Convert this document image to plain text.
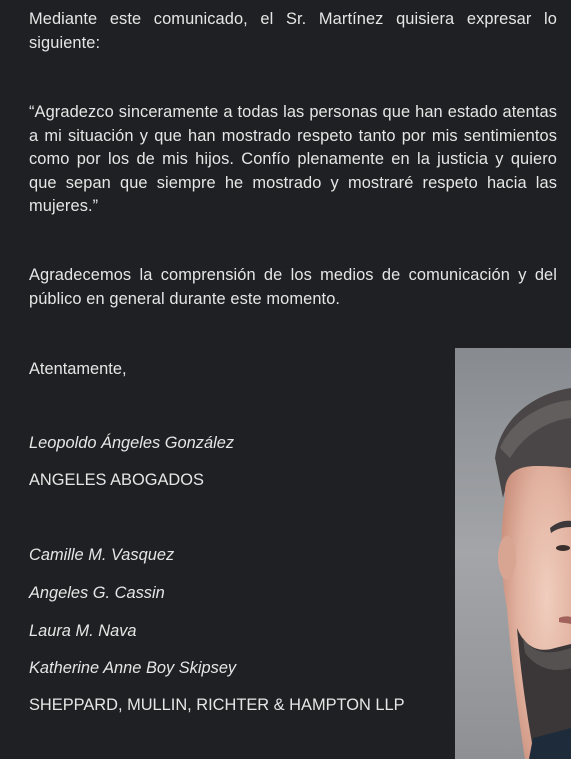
Mediante este comunicado, el Sr. Martínez quisiera expresar lo siguiente:

“Agradezco sinceramente a todas las personas que han estado atentas a mi situación y que han mostrado respeto tanto por mis sentimientos como por los de mis hijos. Confío plenamente en la justicia y quiero que sepan que siempre he mostrado y mostraré respeto hacia las mujeres.”

Agradecemos la comprensión de los medios de comunicación y del público en general durante este momento.

Atentamente,

Leopoldo Ángeles González

ANGELES ABOGADOS

Camille M. Vasquez

Angeles G. Cassin

Laura M. Nava

Katherine Anne Boy Skipsey

SHEPPARD, MULLIN, RICHTER & HAMPTON LLP
